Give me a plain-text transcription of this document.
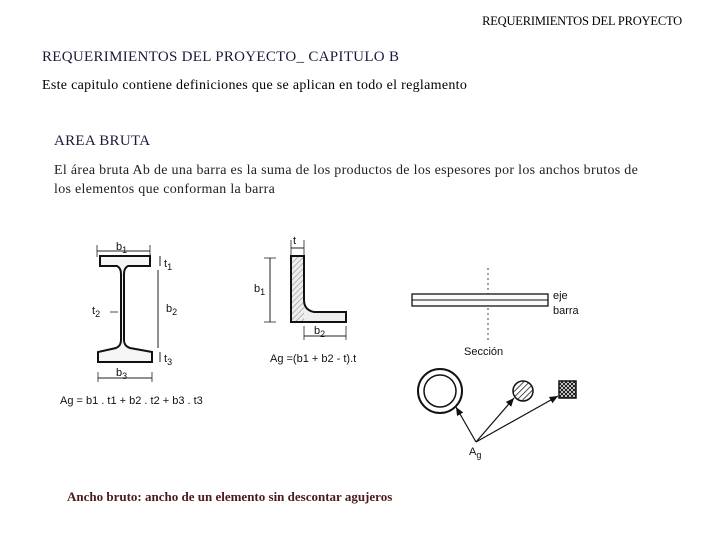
REQUERIMIENTOS DEL PROYECTO
REQUERIMIENTOS DEL PROYECTO_ CAPITULO B
Este capitulo contiene definiciones que se aplican en todo el reglamento
AREA BRUTA
El área bruta Ab de una barra es la suma de los productos de los espesores por los anchos brutos de los elementos que conforman la barra
$b_1$
$t_1$
$t_2$	$b_2$
$t_3$
$b_3$
Ag = b1 . t1 + b2 . t2 + b3 . t3
t
$b_1$
$b_2$
Ag =(b1 + b2 - t).t
eje
barra
Sección
$A_g$
Ancho bruto: ancho de un elemento sin descontar agujeros
